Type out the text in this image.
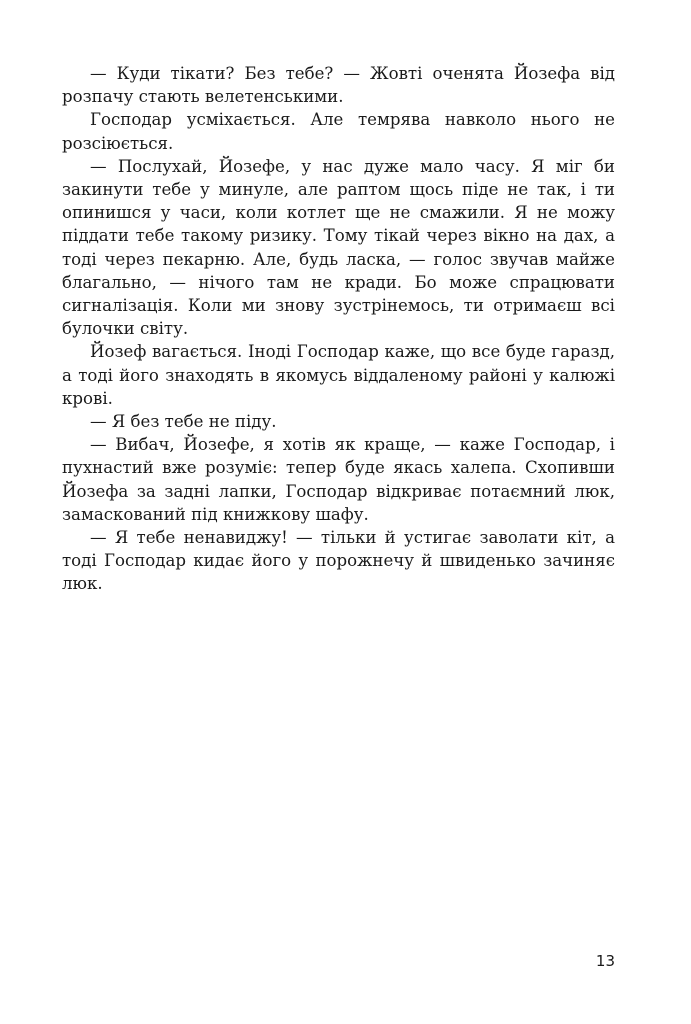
— Куди тікати? Без тебе? — Жовті оченята Йозефа від розпачу стають велетенськими.

Господар усміхається. Але темрява навколо нього не розсіюється.

— Послухай, Йозефе, у нас дуже мало часу. Я міг би закинути тебе у минуле, але раптом щось піде не так, і ти опинишся у часи, коли котлет ще не смажили. Я не можу піддати тебе такому ризику. Тому тікай через вікно на дах, а тоді через пекарню. Але, будь ласка, — голос звучав майже благально, — нічого там не кради. Бо може спрацювати сигналізація. Коли ми знову зустрінемось, ти отримаєш всі булочки світу.

Йозеф вагається. Іноді Господар каже, що все буде гаразд, а тоді його знаходять в якомусь віддаленому районі у калюжі крові.

— Я без тебе не піду.

— Вибач, Йозефе, я хотів як краще, — каже Господар, і пухнастий вже розуміє: тепер буде якась халепа. Схопивши Йозефа за задні лапки, Господар відкриває потаємний люк, замаскований під книжкову шафу.

— Я тебе ненавиджу! — тільки й устигає заволати кіт, а тоді Господар кидає його у порожнечу й швиденько зачиняє люк.

13
